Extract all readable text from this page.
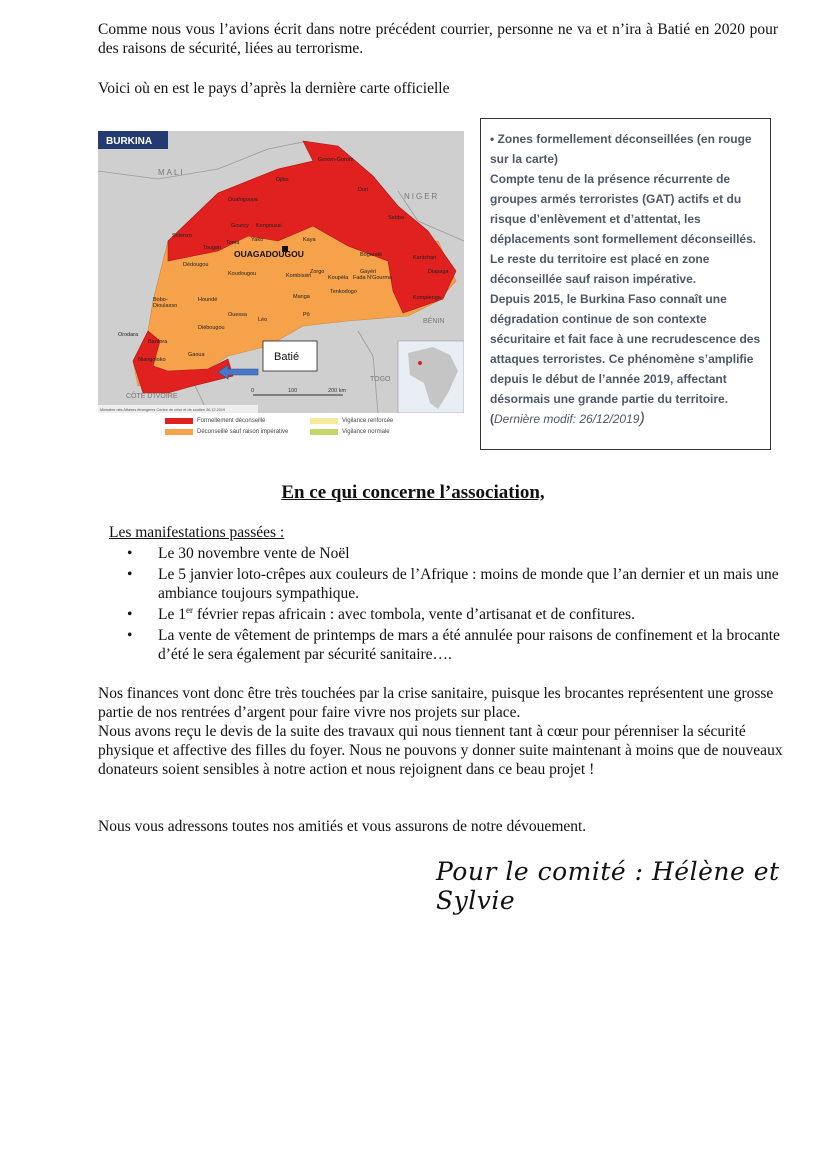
Comme nous vous l’avions écrit dans notre précédent courrier, personne ne va et n’ira à Batié en 2020 pour des raisons de sécurité, liées au terrorisme.
Voici où en est le pays d’après la dernière carte officielle
BURKINA
MALI
NIGER
BÉNIN
TOGO
CÔTE D'IVOIRE
OUAGADOUGOU
Djibo
Dori
Gorom-Gorom
Ouahigouya
Kongoussi
Gourcy
Yako	Kaya
Toma
Tougan
Solenzo
Dédougou
Koudougou	Kombissiri
Zorgo
Koupéla
Gayéri
Bogandé
Fada N'Gourma
Tenkodogo
Manga
Pô
Léo
Ouessa
Bobo-Dioulasso
Houndé
Diébougou
Banfora
Gaoua
Niangoloko
Orodara
Kantchari
Diapaga
Kompienga
Sebba
Batié
0	100	200 km
Ministère des Affaires étrangères Centre de crise et de soutien 26.12.2019
Formellement déconseillé
Déconseillé sauf raison impérative
Vigilance renforcée
Vigilance normale

• Zones formellement déconseillées (en rouge sur la carte)

Compte tenu de la présence récurrente de groupes armés terroristes (GAT) actifs et du risque d’enlèvement et d’attentat, les déplacements sont formellement déconseillés.

Le reste du territoire est placé en zone déconseillée sauf raison impérative.

Depuis 2015, le Burkina Faso connaît une dégradation continue de son contexte sécuritaire et fait face à une recrudescence des attaques terroristes. Ce phénomène s’amplifie depuis le début de l’année 2019, affectant désormais une grande partie du territoire. (Dernière modif: 26/12/2019)

En ce qui concerne l’association,
Les manifestations passées :
• Le 30 novembre vente de Noël
• Le 5 janvier loto-crêpes aux couleurs de l’Afrique : moins de monde que l’an dernier et un mais une ambiance toujours sympathique.
• Le 1er février repas africain : avec tombola, vente d’artisanat et de confitures.
• La vente de vêtement de printemps de mars a été annulée pour raisons de confinement et la brocante d’été le sera également par sécurité sanitaire….

Nos finances vont donc être très touchées par la crise sanitaire, puisque les brocantes représentent une grosse partie de nos rentrées d’argent pour faire vivre nos projets sur place.

Nous avons reçu le devis de la suite des travaux qui nous tiennent tant à cœur pour pérenniser la sécurité physique et affective des filles du foyer. Nous ne pouvons y donner suite maintenant à moins que de nouveaux donateurs soient sensibles à notre action et nous rejoignent dans ce beau projet !

Nous vous adressons toutes nos amitiés et vous assurons de notre dévouement.
Pour le comité : Hélène et Sylvie
